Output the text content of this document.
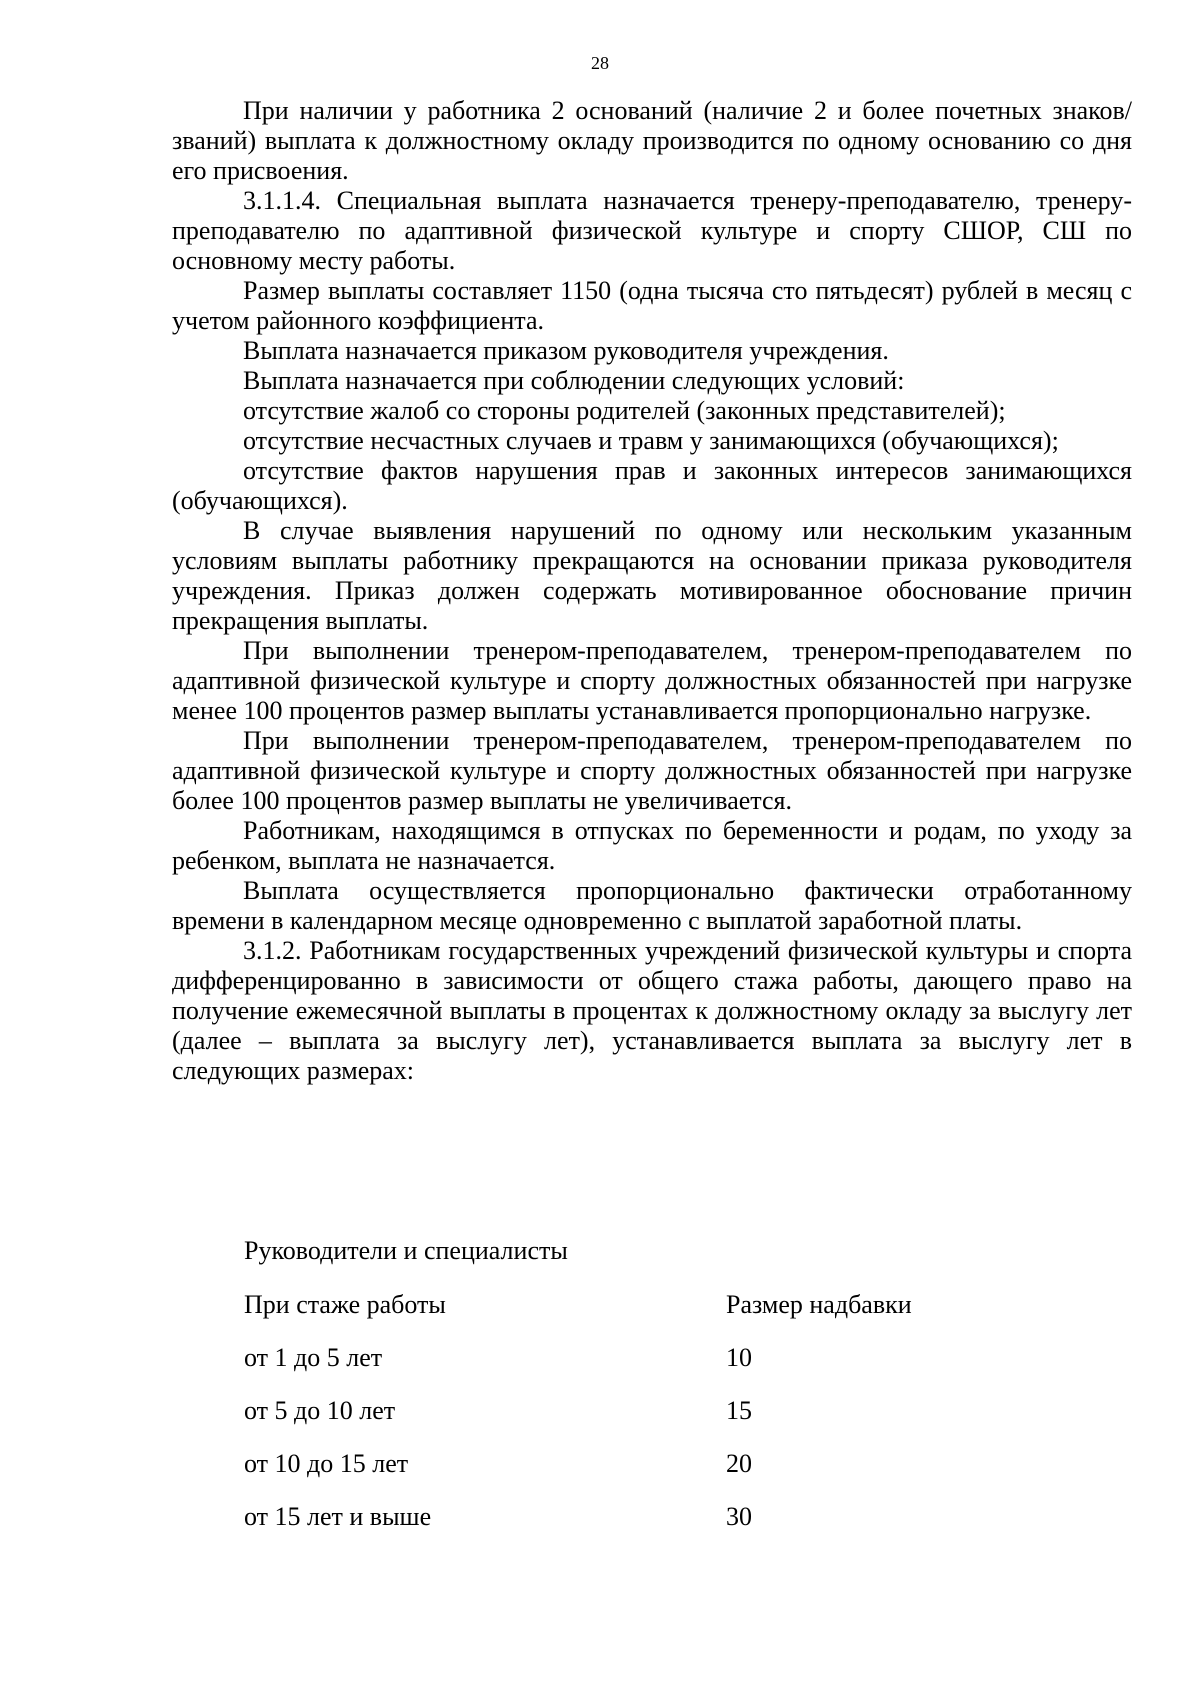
28

При наличии у работника 2 оснований (наличие 2 и более почетных знаков/званий) выплата к должностному окладу производится по одному основанию со дня его присвоения.

3.1.1.4. Специальная выплата назначается тренеру-преподавателю, тренеру-преподавателю по адаптивной физической культуре и спорту СШОР, СШ по основному месту работы.

Размер выплаты составляет 1150 (одна тысяча сто пятьдесят) рублей в месяц с учетом районного коэффициента.

Выплата назначается приказом руководителя учреждения.

Выплата назначается при соблюдении следующих условий:

отсутствие жалоб со стороны родителей (законных представителей);

отсутствие несчастных случаев и травм у занимающихся (обучающихся);

отсутствие фактов нарушения прав и законных интересов занимающихся (обучающихся).

В случае выявления нарушений по одному или нескольким указанным условиям выплаты работнику прекращаются на основании приказа руководителя учреждения. Приказ должен содержать мотивированное обоснование причин прекращения выплаты.

При выполнении тренером-преподавателем, тренером-преподавателем по адаптивной физической культуре и спорту должностных обязанностей при нагрузке менее 100 процентов размер выплаты устанавливается пропорционально нагрузке.

При выполнении тренером-преподавателем, тренером-преподавателем по адаптивной физической культуре и спорту должностных обязанностей при нагрузке более 100 процентов размер выплаты не увеличивается.

Работникам, находящимся в отпусках по беременности и родам, по уходу за ребенком, выплата не назначается.

Выплата осуществляется пропорционально фактически отработанному времени в календарном месяце одновременно с выплатой заработной платы.

3.1.2. Работникам государственных учреждений физической культуры и спорта дифференцированно в зависимости от общего стажа работы, дающего право на получение ежемесячной выплаты в процентах к должностному окладу за выслугу лет (далее – выплата за выслугу лет), устанавливается выплата за выслугу лет в следующих размерах:

Руководители и специалисты
При стаже работы	Размер надбавки
от 1 до 5 лет	10
от 5 до 10 лет	15
от 10 до 15 лет	20
от 15 лет и выше	30
